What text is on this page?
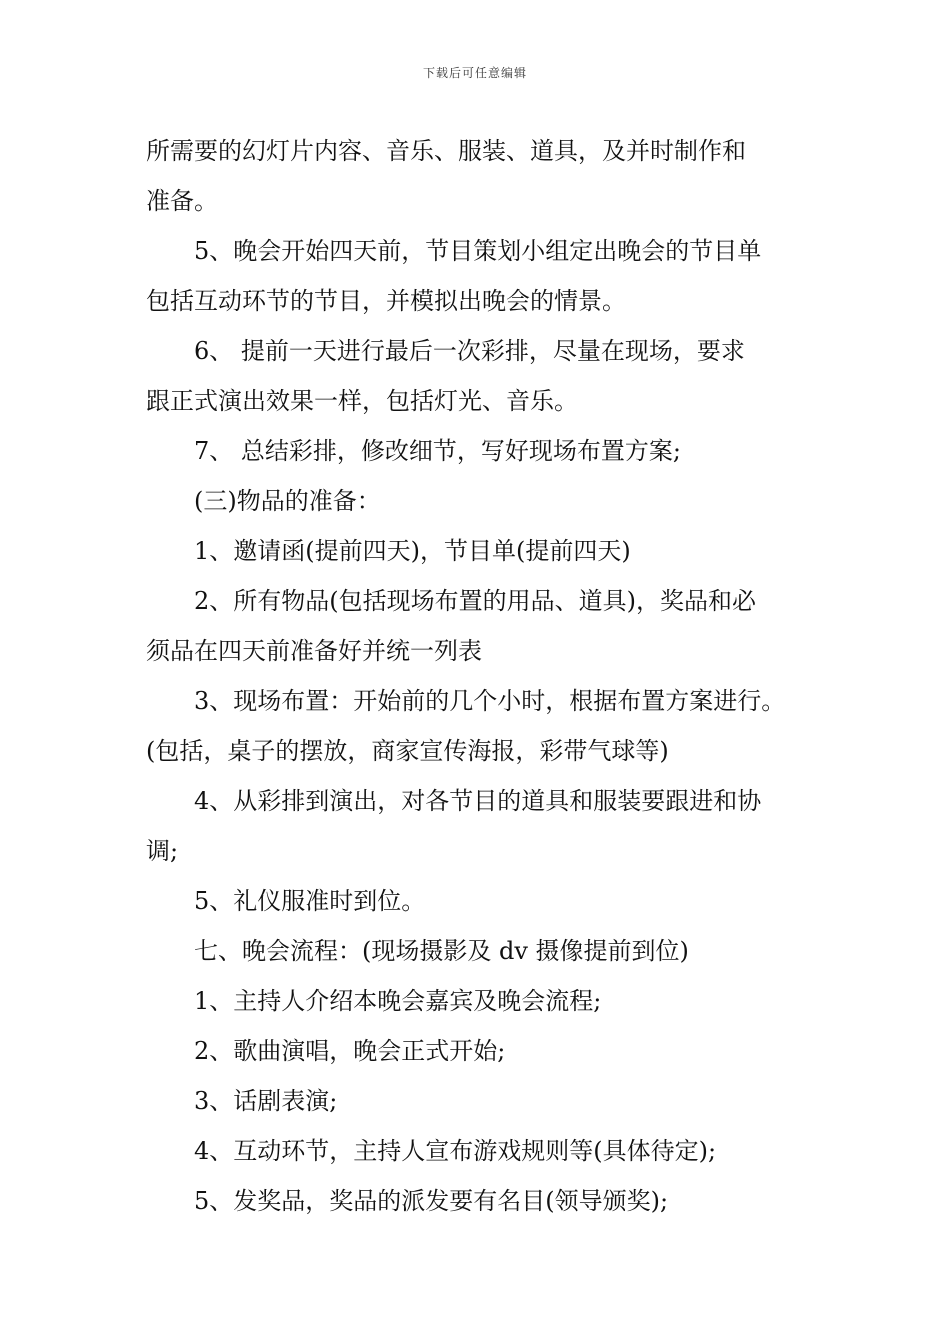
下载后可任意编辑
所需要的幻灯片内容、音乐、服装、道具，及并时制作和
准备。
5、晚会开始四天前，节目策划小组定出晚会的节目单
包括互动环节的节目，并模拟出晚会的情景。
6、 提前一天进行最后一次彩排，尽量在现场，要求
跟正式演出效果一样，包括灯光、音乐。
7、 总结彩排，修改细节，写好现场布置方案;
(三)物品的准备：
1、邀请函(提前四天)，节目单(提前四天)
2、所有物品(包括现场布置的用品、道具)，奖品和必
须品在四天前准备好并统一列表
3、现场布置：开始前的几个小时，根据布置方案进行。
(包括，桌子的摆放，商家宣传海报，彩带气球等)
4、从彩排到演出，对各节目的道具和服装要跟进和协
调;
5、礼仪服准时到位。
七、晚会流程：(现场摄影及 dv 摄像提前到位)
1、主持人介绍本晚会嘉宾及晚会流程;
2、歌曲演唱，晚会正式开始;
3、话剧表演;
4、互动环节，主持人宣布游戏规则等(具体待定);
5、发奖品，奖品的派发要有名目(领导颁奖);
